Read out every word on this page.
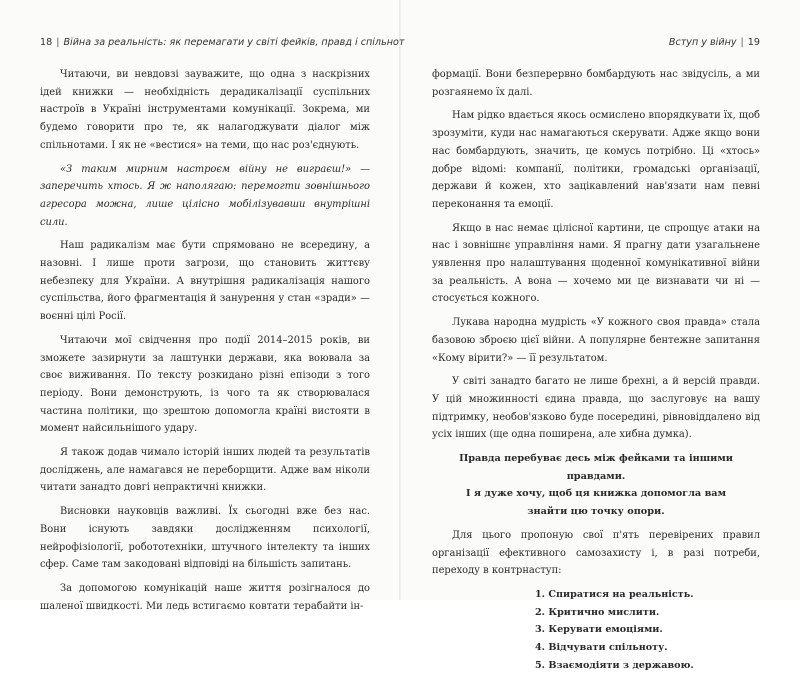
18 | Війна за реальність: як перемагати у світі фейків, правд і спільнот

Читаючи, ви невдовзі зауважите, що одна з наскрізних ідей книжки — необхідність дерадикалізації суспільних настроїв в Україні інструментами комунікації. Зокрема, ми будемо говорити про те, як налагоджувати діалог між спільнотами. І як не «вестися» на теми, що нас роз'єднують.

«З таким мирним настроєм війну не виграєш!» — заперечить хтось. Я ж наполягаю: перемогти зовнішнього агресора можна, лише цілісно мобілізувавши внутрішні сили.

Наш радикалізм має бути спрямовано не всередину, а назовні. І лише проти загрози, що становить життєву небезпеку для України. А внутрішня радикалізація нашого суспільства, його фрагментація й занурення у стан «зради» — воєнні цілі Росії.

Читаючи мої свідчення про події 2014–2015 років, ви зможете зазирнути за лаштунки держави, яка воювала за своє виживання. По тексту розкидано різні епізоди з того періоду. Вони демонструють, із чого та як створювалася частина політики, що зрештою допомогла країні вистояти в момент найсильнішого удару.

Я також додав чимало історій інших людей та результатів досліджень, але намагався не переборщити. Адже вам ніколи читати занадто довгі непрактичні книжки.

Висновки науковців важливі. Їх сьогодні вже без нас. Вони існують завдяки дослідженням психології, нейрофізіології, робототехніки, штучного інтелекту та інших сфер. Саме там закодовані відповіді на більшість запитань.

За допомогою комунікацій наше життя розігналося до шаленої швидкості. Ми ледь встигаємо ковтати терабайти ін-

Вступ у війну | 19

формації. Вони безперервно бомбардують нас звідусіль, а ми розгаянемо їх далі.

Нам рідко вдається якось осмислено впорядкувати їх, щоб зрозуміти, куди нас намагаються скерувати. Адже якщо вони нас бомбардують, значить, це комусь потрібно. Ці «хтось» добре відомі: компанії, політики, громадські організації, держави й кожен, хто зацікавлений нав'язати нам певні переконання та емоції.

Якщо в нас немає цілісної картини, це спрощує атаки на нас і зовнішнє управління нами. Я прагну дати узагальнене уявлення про налаштування щоденної комунікативної війни за реальність. А вона — хочемо ми це визнавати чи ні — стосується кожного.

Лукава народна мудрість «У кожного своя правда» стала базовою зброєю цієї війни. А популярне бентежне запитання «Кому вірити?» — її результатом.

У світі занадто багато не лише брехні, а й версій правди. У цій множинності єдина правда, що заслуговує на вашу підтримку, необов'язково буде посередині, рівновіддалено від усіх інших (ще одна поширена, але хибна думка).

Правда перебуває десь між фейками та іншими правдами.
І я дуже хочу, щоб ця книжка допомогла вам
знайти цю точку опори.

Для цього пропоную свої п'ять перевірених правил організації ефективного самозахисту і, в разі потреби, переходу в контрнаступ:

1. Спиратися на реальність.
2. Критично мислити.
3. Керувати емоціями.
4. Відчувати спільноту.
5. Взаємодіяти з державою.
